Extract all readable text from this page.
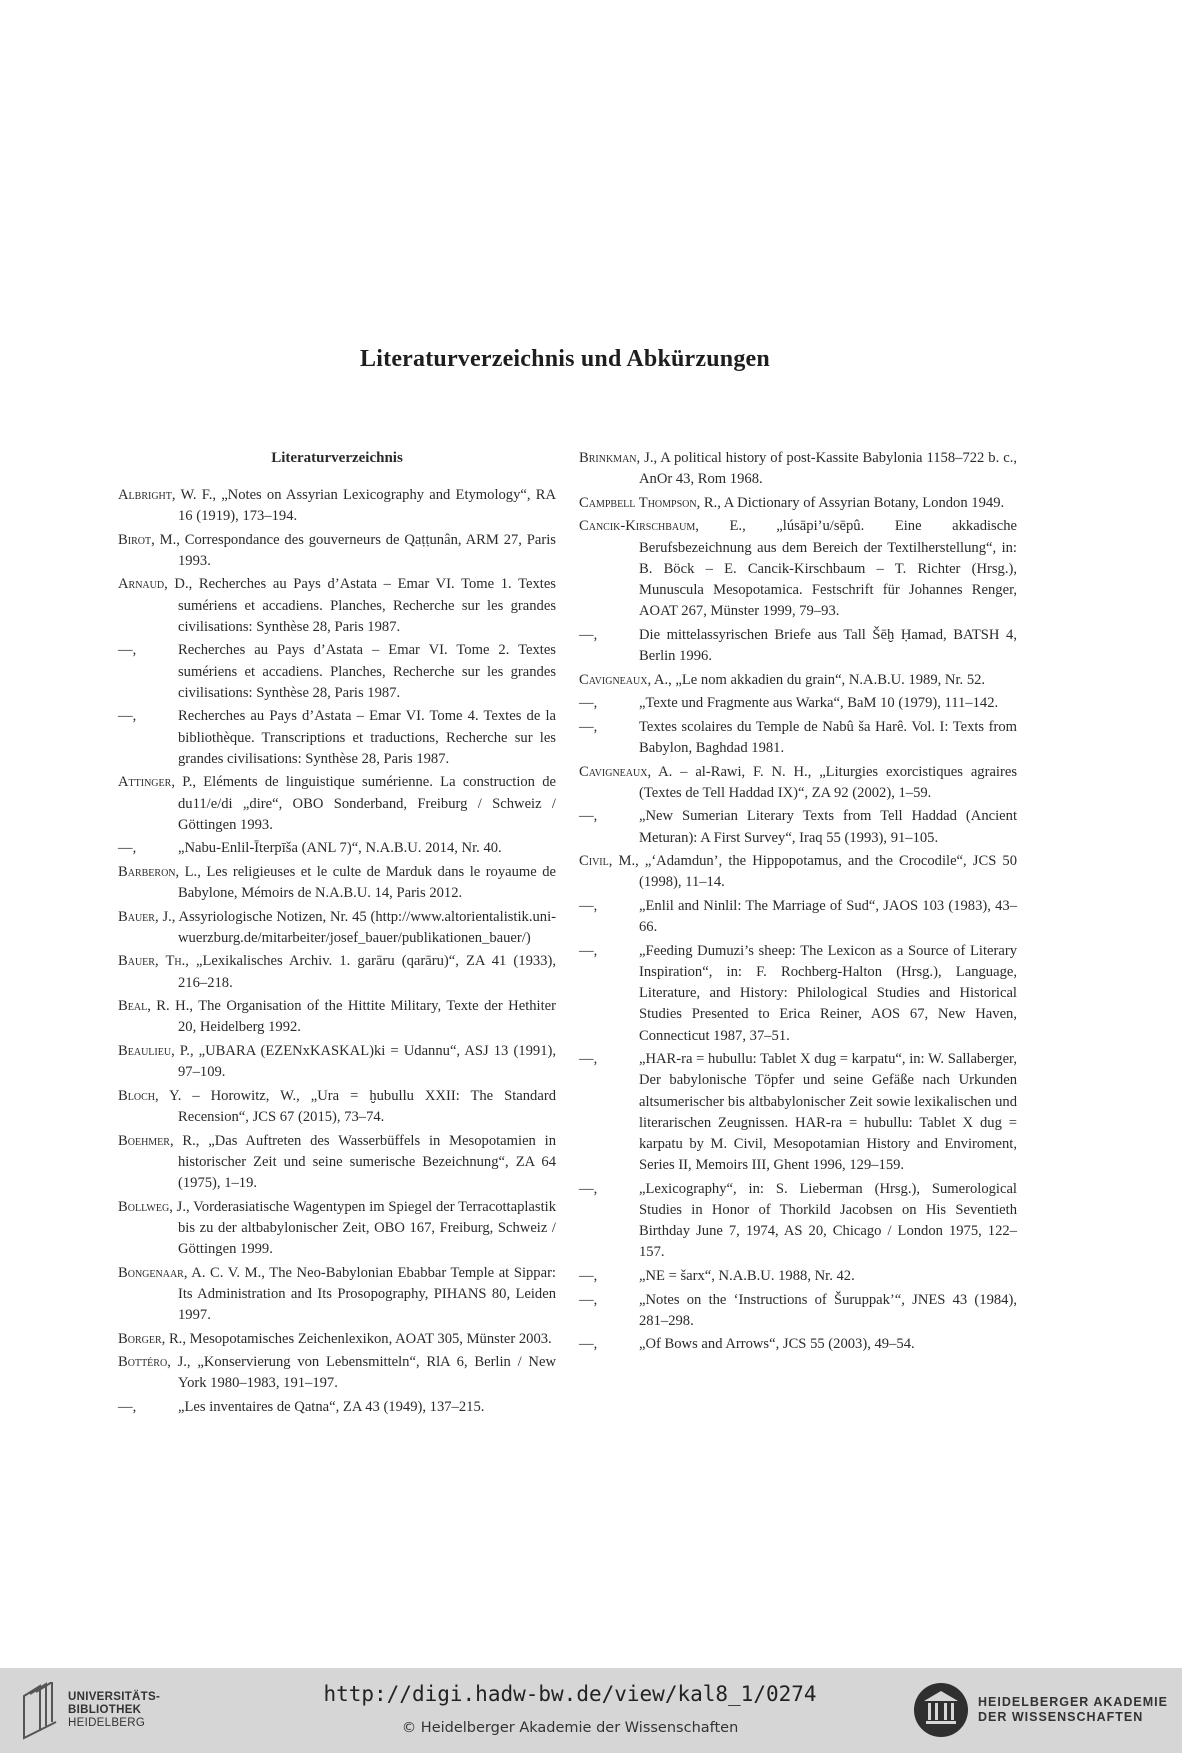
Literaturverzeichnis und Abkürzungen
Literaturverzeichnis
Albright, W. F., „Notes on Assyrian Lexicography and Etymology“, RA 16 (1919), 173–194.
Birot, M., Correspondance des gouverneurs de Qaṭṭunân, ARM 27, Paris 1993.
Arnaud, D., Recherches au Pays d’Astata – Emar VI. Tome 1. Textes sumériens et accadiens. Planches, Recherche sur les grandes civilisations: Synthèse 28, Paris 1987.
—,	Recherches au Pays d’Astata – Emar VI. Tome 2. Textes sumériens et accadiens. Planches, Recherche sur les grandes civilisations: Synthèse 28, Paris 1987.
—,	Recherches au Pays d’Astata – Emar VI. Tome 4. Textes de la bibliothèque. Transcriptions et traductions, Recherche sur les grandes civilisations: Synthèse 28, Paris 1987.
Attinger, P., Eléments de linguistique sumérienne. La construction de du11/e/di „dire“, OBO Sonderband, Freiburg / Schweiz / Göttingen 1993.
—,	„Nabu-Enlil-Īterpīša (ANL 7)“, N.A.B.U. 2014, Nr. 40.
Barberon, L., Les religieuses et le culte de Marduk dans le royaume de Babylone, Mémoirs de N.A.B.U. 14, Paris 2012.
Bauer, J., Assyriologische Notizen, Nr. 45 (http://www.altorientalistik.uni-wuerzburg.de/mitarbeiter/josef_bauer/publikationen_bauer/)
Bauer, Th., „Lexikalisches Archiv. 1. garāru (qarāru)“, ZA 41 (1933), 216–218.
Beal, R. H., The Organisation of the Hittite Military, Texte der Hethiter 20, Heidelberg 1992.
Beaulieu, P., „UBARA (EZENxKASKAL)ki = Udannu“, ASJ 13 (1991), 97–109.
Bloch, Y. – Horowitz, W., „Ura = ḫubullu XXII: The Standard Recension“, JCS 67 (2015), 73–74.
Boehmer, R., „Das Auftreten des Wasserbüffels in Mesopotamien in historischer Zeit und seine sumerische Bezeichnung“, ZA 64 (1975), 1–19.
Bollweg, J., Vorderasiatische Wagentypen im Spiegel der Terracottaplastik bis zu der altbabylonischer Zeit, OBO 167, Freiburg, Schweiz / Göttingen 1999.
Bongenaar, A. C. V. M., The Neo-Babylonian Ebabbar Temple at Sippar: Its Administration and Its Prosopography, PIHANS 80, Leiden 1997.
Borger, R., Mesopotamisches Zeichenlexikon, AOAT 305, Münster 2003.
Bottéro, J., „Konservierung von Lebensmitteln“, RlA 6, Berlin / New York 1980–1983, 191–197.
—,	„Les inventaires de Qatna“, ZA 43 (1949), 137–215.
Brinkman, J., A political history of post-Kassite Babylonia 1158–722 b. c., AnOr 43, Rom 1968.
Campbell Thompson, R., A Dictionary of Assyrian Botany, London 1949.
Cancik-Kirschbaum, E., „lúsāpi’u/sēpû. Eine akkadische Berufsbezeichnung aus dem Bereich der Textilherstellung“, in: B. Böck – E. Cancik-Kirschbaum – T. Richter (Hrsg.), Munuscula Mesopotamica. Festschrift für Johannes Renger, AOAT 267, Münster 1999, 79–93.
—,	Die mittelassyrischen Briefe aus Tall Šēḫ Ḥamad, BATSH 4, Berlin 1996.
Cavigneaux, A., „Le nom akkadien du grain“, N.A.B.U. 1989, Nr. 52.
—,	„Texte und Fragmente aus Warka“, BaM 10 (1979), 111–142.
—,	Textes scolaires du Temple de Nabû ša Harê. Vol. I: Texts from Babylon, Baghdad 1981.
Cavigneaux, A. – al-Rawi, F. N. H., „Liturgies exorcistiques agraires (Textes de Tell Haddad IX)“, ZA 92 (2002), 1–59.
—,	„New Sumerian Literary Texts from Tell Haddad (Ancient Meturan): A First Survey“, Iraq 55 (1993), 91–105.
Civil, M., „‘Adamdun’, the Hippopotamus, and the Crocodile“, JCS 50 (1998), 11–14.
—,	„Enlil and Ninlil: The Marriage of Sud“, JAOS 103 (1983), 43–66.
—,	„Feeding Dumuzi’s sheep: The Lexicon as a Source of Literary Inspiration“, in: F. Rochberg-Halton (Hrsg.), Language, Literature, and History: Philological Studies and Historical Studies Presented to Erica Reiner, AOS 67, New Haven, Connecticut 1987, 37–51.
—,	„HAR-ra = hubullu: Tablet X dug = karpatu“, in: W. Sallaberger, Der babylonische Töpfer und seine Gefäße nach Urkunden altsumerischer bis altbabylonischer Zeit sowie lexikalischen und literarischen Zeugnissen. HAR-ra = hubullu: Tablet X dug = karpatu by M. Civil, Mesopotamian History and Enviroment, Series II, Memoirs III, Ghent 1996, 129–159.
—,	„Lexicography“, in: S. Lieberman (Hrsg.), Sumerological Studies in Honor of Thorkild Jacobsen on His Seventieth Birthday June 7, 1974, AS 20, Chicago / London 1975, 122–157.
—,	„NE = šarx“, N.A.B.U. 1988, Nr. 42.
—,	„Notes on the ‘Instructions of Šuruppak’“, JNES 43 (1984), 281–298.
—,	„Of Bows and Arrows“, JCS 55 (2003), 49–54.
UNIVERSITÄTS-
BIBLIOTHEK
HEIDELBERG
http://digi.hadw-bw.de/view/kal8_1/0274
© Heidelberger Akademie der Wissenschaften
HEIDELBERGER AKADEMIE
DER WISSENSCHAFTEN
